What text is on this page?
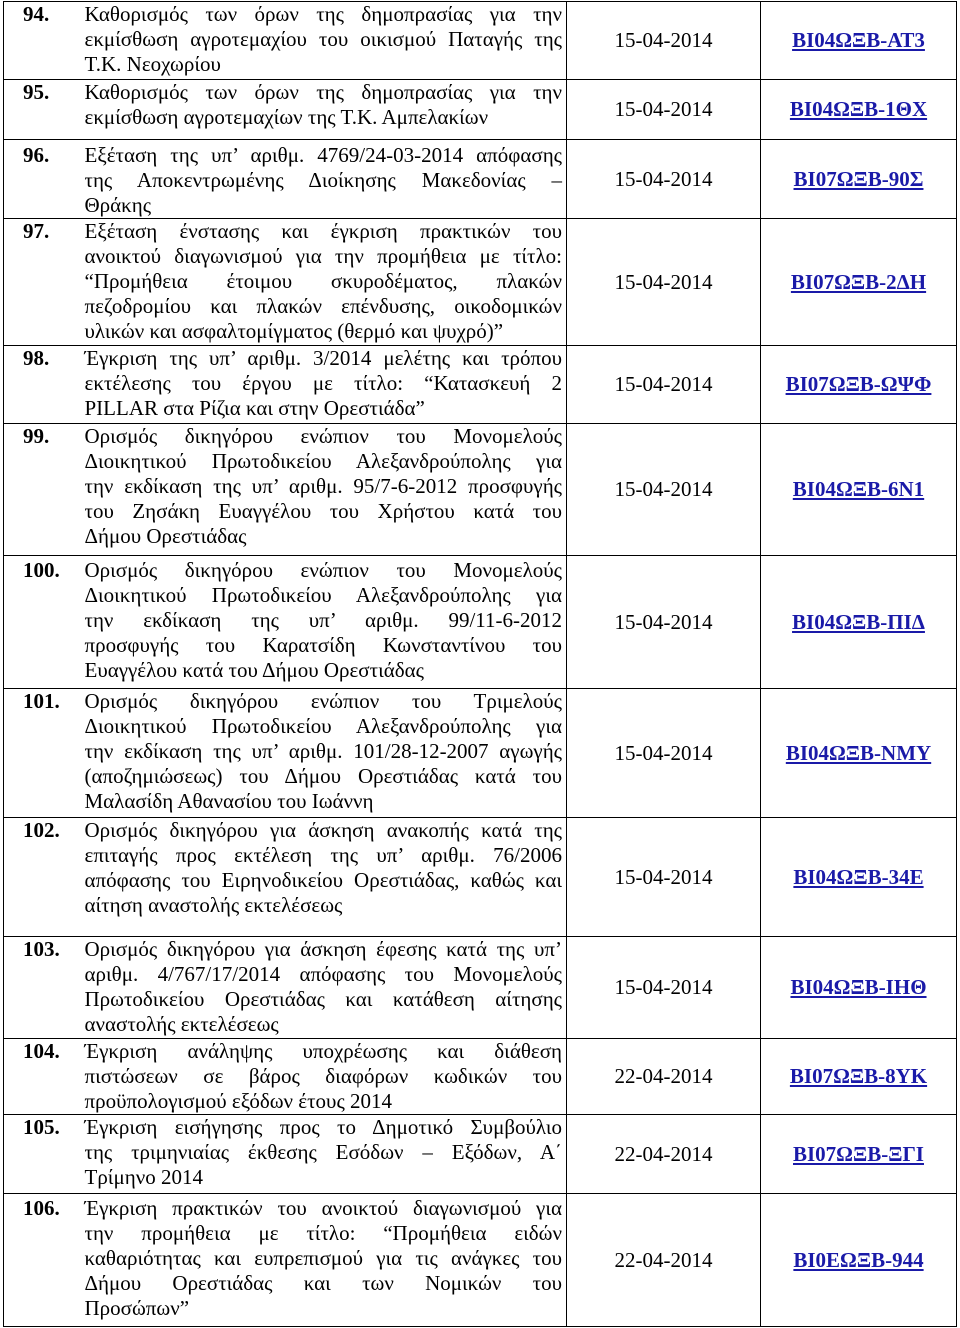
94.	Καθορισμός των όρων της δημοπρασίας για την
εκμίσθωση αγροτεμαχίου του οικισμού Παταγής της
Τ.Κ. Νεοχωρίου	15-04-2014	ΒΙ04ΩΞΒ-ΑΤ3
95.	Καθορισμός των όρων της δημοπρασίας για την
εκμίσθωση αγροτεμαχίων της Τ.Κ. Αμπελακίων	15-04-2014	ΒΙ04ΩΞΒ-1ΘΧ
96.	Εξέταση της υπ’ αριθμ. 4769/24-03-2014 απόφασης
της Αποκεντρωμένης Διοίκησης Μακεδονίας –
Θράκης	15-04-2014	ΒΙ07ΩΞΒ-90Σ
97.	Εξέταση ένστασης και έγκριση πρακτικών του
ανοικτού διαγωνισμού για την προμήθεια με τίτλο:
“Προμήθεια έτοιμου σκυροδέματος, πλακών
πεζοδρομίου και πλακών επένδυσης, οικοδομικών
υλικών και ασφαλτομίγματος (θερμό και ψυχρό)”	15-04-2014	ΒΙ07ΩΞΒ-2ΔΗ
98.	Έγκριση της υπ’ αριθμ. 3/2014 μελέτης και τρόπου
εκτέλεσης του έργου με τίτλο: “Κατασκευή 2
PILLAR στα Ρίζια και στην Ορεστιάδα”	15-04-2014	ΒΙ07ΩΞΒ-ΩΨΦ
99.	Ορισμός δικηγόρου ενώπιον του Μονομελούς
Διοικητικού Πρωτοδικείου Αλεξανδρούπολης για
την εκδίκαση της υπ’ αριθμ. 95/7-6-2012 προσφυγής
του Ζησάκη Ευαγγέλου του Χρήστου κατά του
Δήμου Ορεστιάδας	15-04-2014	ΒΙ04ΩΞΒ-6Ν1
100.	Ορισμός δικηγόρου ενώπιον του Μονομελούς
Διοικητικού Πρωτοδικείου Αλεξανδρούπολης για
την εκδίκαση της υπ’ αριθμ. 99/11-6-2012
προσφυγής του Καρατσίδη Κωνσταντίνου του
Ευαγγέλου κατά του Δήμου Ορεστιάδας	15-04-2014	ΒΙ04ΩΞΒ-ΠΙΔ
101.	Ορισμός δικηγόρου ενώπιον του Τριμελούς
Διοικητικού Πρωτοδικείου Αλεξανδρούπολης για
την εκδίκαση της υπ’ αριθμ. 101/28-12-2007 αγωγής
(αποζημιώσεως) του Δήμου Ορεστιάδας κατά του
Μαλασίδη Αθανασίου του Ιωάννη	15-04-2014	ΒΙ04ΩΞΒ-ΝΜΥ
102.	Ορισμός δικηγόρου για άσκηση ανακοπής κατά της
επιταγής προς εκτέλεση της υπ’ αριθμ. 76/2006
απόφασης του Ειρηνοδικείου Ορεστιάδας, καθώς και
αίτηση αναστολής εκτελέσεως	15-04-2014	ΒΙ04ΩΞΒ-34Ε
103.	Ορισμός δικηγόρου για άσκηση έφεσης κατά της υπ’
αριθμ. 4/767/17/2014 απόφασης του Μονομελούς
Πρωτοδικείου Ορεστιάδας και κατάθεση αίτησης
αναστολής εκτελέσεως	15-04-2014	ΒΙ04ΩΞΒ-ΙΗΘ
104.	Έγκριση ανάληψης υποχρέωσης και διάθεση
πιστώσεων σε βάρος διαφόρων κωδικών του
προϋπολογισμού εξόδων έτους 2014	22-04-2014	ΒΙ07ΩΞΒ-8ΥΚ
105.	Έγκριση εισήγησης προς το Δημοτικό Συμβούλιο
της τριμηνιαίας έκθεσης Εσόδων – Εξόδων, Α΄
Τρίμηνο 2014	22-04-2014	ΒΙ07ΩΞΒ-ΞΓΙ
106.	Έγκριση πρακτικών του ανοικτού διαγωνισμού για
την προμήθεια με τίτλο: “Προμήθεια ειδών
καθαριότητας και ευπρεπισμού για τις ανάγκες του
Δήμου Ορεστιάδας και των Νομικών του
Προσώπων”	22-04-2014	ΒΙ0ΕΩΞΒ-944
